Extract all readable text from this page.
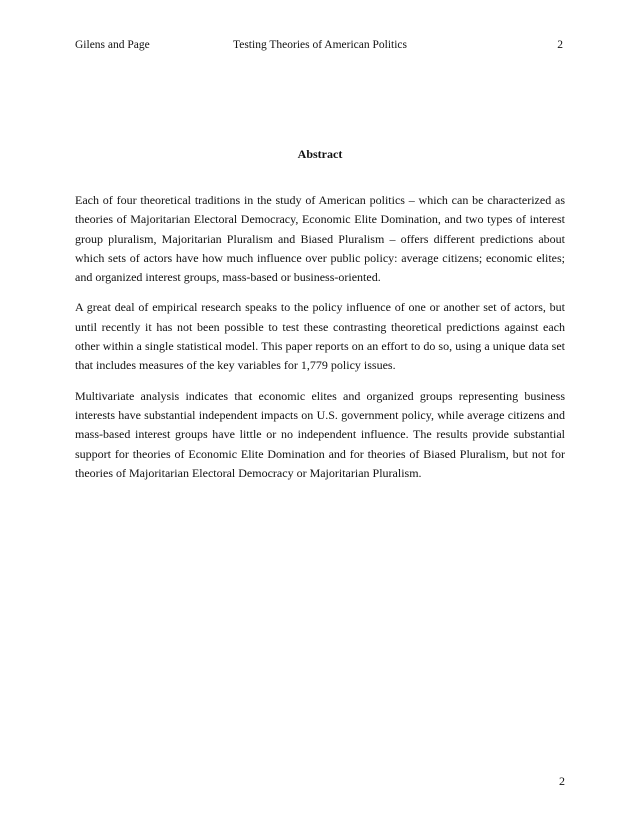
Gilens and Page	Testing Theories of American Politics	2
Abstract

Each of four theoretical traditions in the study of American politics – which can be characterized as theories of Majoritarian Electoral Democracy, Economic Elite Domination, and two types of interest group pluralism, Majoritarian Pluralism and Biased Pluralism – offers different predictions about which sets of actors have how much influence over public policy: average citizens; economic elites; and organized interest groups, mass-based or business-oriented.

A great deal of empirical research speaks to the policy influence of one or another set of actors, but until recently it has not been possible to test these contrasting theoretical predictions against each other within a single statistical model. This paper reports on an effort to do so, using a unique data set that includes measures of the key variables for 1,779 policy issues.

Multivariate analysis indicates that economic elites and organized groups representing business interests have substantial independent impacts on U.S. government policy, while average citizens and mass-based interest groups have little or no independent influence. The results provide substantial support for theories of Economic Elite Domination and for theories of Biased Pluralism, but not for theories of Majoritarian Electoral Democracy or Majoritarian Pluralism.

2
